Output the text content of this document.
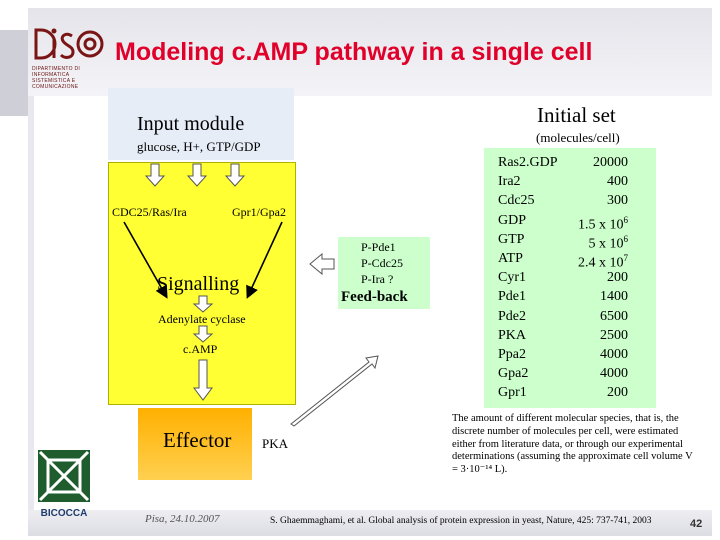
DIPARTIMENTO DI INFORMATICA SISTEMISTICA E COMUNICAZIONE
Modeling c.AMP pathway in a single cell
Input module
glucose, H+, GTP/GDP
CDC25/Ras/Ira	Gpr1/Gpa2
Signalling
Adenylate cyclase
c.AMP
Effector PKA
P-Pde1
P-Cdc25
P-Ira ?
Feed-back
Initial set
(molecules/cell)
Ras2.GDP	20000
Ira2	400
Cdc25	300
GDP	1.5 x $10^6$
GTP	5 x $10^6$
ATP	2.4 x $10^7$
Cyr1	200
Pde1	1400
Pde2	6500
PKA	2500
Ppa2	4000
Gpa2	4000
Gpr1	200
The amount of different molecular species, that is, the discrete number of molecules per cell, were estimated either from literature data, or through our experimental determinations (assuming the approximate cell volume V = 3·10⁻¹⁴ L).
BICOCCA	Pisa, 24.10.2007	S. Ghaemmaghami, et al. Global analysis of protein expression in yeast, Nature, 425: 737-741, 2003	42
